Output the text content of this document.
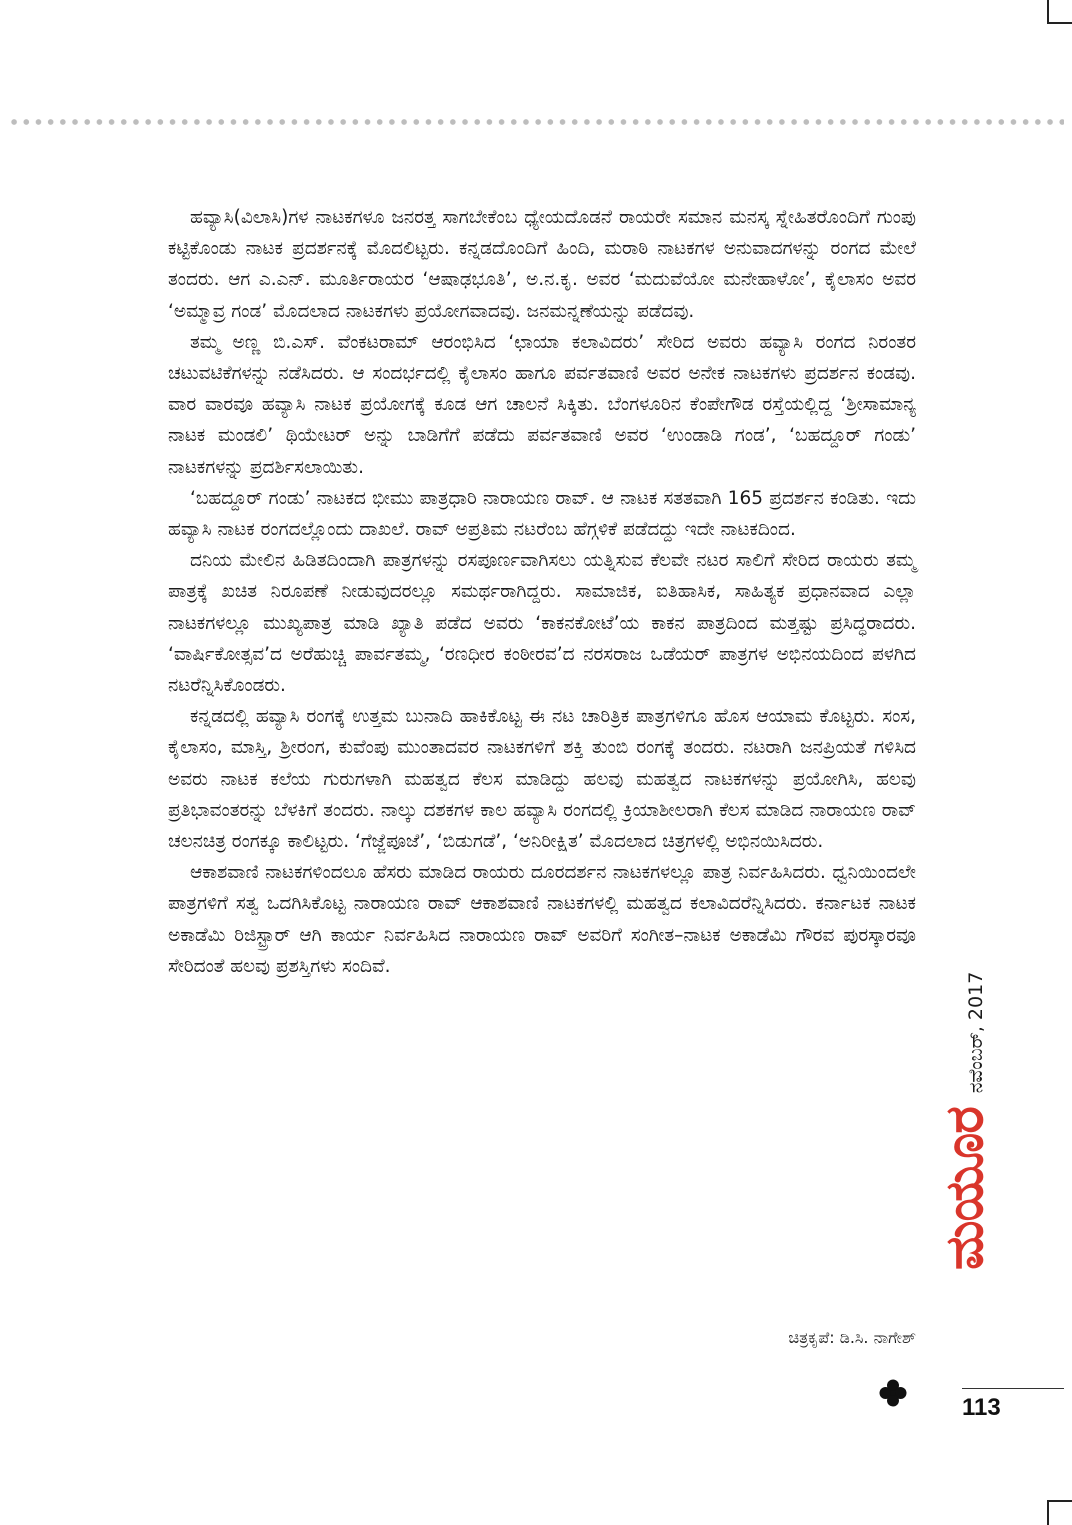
ಹವ್ಯಾಸಿ(ವಿಲಾಸಿ)ಗಳ ನಾಟಕಗಳೂ ಜನರತ್ತ ಸಾಗಬೇಕೆಂಬ ಧ್ಯೇಯದೊಡನೆ ರಾಯರೇ ಸಮಾನ ಮನಸ್ಕ ಸ್ನೇಹಿತರೊಂದಿಗೆ ಗುಂಪು ಕಟ್ಟಿಕೊಂಡು ನಾಟಕ ಪ್ರದರ್ಶನಕ್ಕೆ ಮೊದಲಿಟ್ಟರು. ಕನ್ನಡದೊಂದಿಗೆ ಹಿಂದಿ, ಮರಾಠಿ ನಾಟಕಗಳ ಅನುವಾದಗಳನ್ನು ರಂಗದ ಮೇಲೆ ತಂದರು. ಆಗ ಎ.ಎನ್. ಮೂರ್ತಿರಾಯರ ‘ಆಷಾಢಭೂತಿ’, ಅ.ನ.ಕೃ. ಅವರ ‘ಮದುವೆಯೋ ಮನೇಹಾಳೋ’, ಕೈಲಾಸಂ ಅವರ ‘ಅಮ್ಮಾವ್ರ ಗಂಡ’ ಮೊದಲಾದ ನಾಟಕಗಳು ಪ್ರಯೋಗವಾದವು. ಜನಮನ್ನಣೆಯನ್ನು ಪಡೆದವು.

ತಮ್ಮ ಅಣ್ಣ ಬಿ.ಎಸ್. ವೆಂಕಟರಾಮ್ ಆರಂಭಿಸಿದ ‘ಛಾಯಾ ಕಲಾವಿದರು’ ಸೇರಿದ ಅವರು ಹವ್ಯಾಸಿ ರಂಗದ ನಿರಂತರ ಚಟುವಟಿಕೆಗಳನ್ನು ನಡೆಸಿದರು. ಆ ಸಂದರ್ಭದಲ್ಲಿ ಕೈಲಾಸಂ ಹಾಗೂ ಪರ್ವತವಾಣಿ ಅವರ ಅನೇಕ ನಾಟಕಗಳು ಪ್ರದರ್ಶನ ಕಂಡವು. ವಾರ ವಾರವೂ ಹವ್ಯಾಸಿ ನಾಟಕ ಪ್ರಯೋಗಕ್ಕೆ ಕೂಡ ಆಗ ಚಾಲನೆ ಸಿಕ್ಕಿತು. ಬೆಂಗಳೂರಿನ ಕೆಂಪೇಗೌಡ ರಸ್ತೆಯಲ್ಲಿದ್ದ ‘ಶ್ರೀಸಾಮಾನ್ಯ ನಾಟಕ ಮಂಡಲಿ’ ಥಿಯೇಟರ್ ಅನ್ನು ಬಾಡಿಗೆಗೆ ಪಡೆದು ಪರ್ವತವಾಣಿ ಅವರ ‘ಉಂಡಾಡಿ ಗಂಡ’, ‘ಬಹದ್ದೂರ್ ಗಂಡು’ ನಾಟಕಗಳನ್ನು ಪ್ರದರ್ಶಿಸಲಾಯಿತು.

‘ಬಹದ್ದೂರ್ ಗಂಡು’ ನಾಟಕದ ಭೀಮು ಪಾತ್ರಧಾರಿ ನಾರಾಯಣ ರಾವ್. ಆ ನಾಟಕ ಸತತವಾಗಿ 165 ಪ್ರದರ್ಶನ ಕಂಡಿತು. ಇದು ಹವ್ಯಾಸಿ ನಾಟಕ ರಂಗದಲ್ಲೊಂದು ದಾಖಲೆ. ರಾವ್ ಅಪ್ರತಿಮ ನಟರೆಂಬ ಹೆಗ್ಗಳಿಕೆ ಪಡೆದದ್ದು ಇದೇ ನಾಟಕದಿಂದ.

ದನಿಯ ಮೇಲಿನ ಹಿಡಿತದಿಂದಾಗಿ ಪಾತ್ರಗಳನ್ನು ರಸಪೂರ್ಣವಾಗಿಸಲು ಯತ್ನಿಸುವ ಕೆಲವೇ ನಟರ ಸಾಲಿಗೆ ಸೇರಿದ ರಾಯರು ತಮ್ಮ ಪಾತ್ರಕ್ಕೆ ಖಚಿತ ನಿರೂಪಣೆ ನೀಡುವುದರಲ್ಲೂ ಸಮರ್ಥರಾಗಿದ್ದರು. ಸಾಮಾಜಿಕ, ಐತಿಹಾಸಿಕ, ಸಾಹಿತ್ಯಕ ಪ್ರಧಾನವಾದ ಎಲ್ಲಾ ನಾಟಕಗಳಲ್ಲೂ ಮುಖ್ಯಪಾತ್ರ ಮಾಡಿ ಖ್ಯಾತಿ ಪಡೆದ ಅವರು ‘ಕಾಕನಕೋಟೆ’ಯ ಕಾಕನ ಪಾತ್ರದಿಂದ ಮತ್ತಷ್ಟು ಪ್ರಸಿದ್ಧರಾದರು. ‘ವಾರ್ಷಿಕೋತ್ಸವ’ದ ಅರೆಹುಚ್ಚಿ ಪಾರ್ವತಮ್ಮ, ‘ರಣಧೀರ ಕಂಠೀರವ’ದ ನರಸರಾಜ ಒಡೆಯರ್ ಪಾತ್ರಗಳ ಅಭಿನಯದಿಂದ ಪಳಗಿದ ನಟರೆನ್ನಿಸಿಕೊಂಡರು.

ಕನ್ನಡದಲ್ಲಿ ಹವ್ಯಾಸಿ ರಂಗಕ್ಕೆ ಉತ್ತಮ ಬುನಾದಿ ಹಾಕಿಕೊಟ್ಟ ಈ ನಟ ಚಾರಿತ್ರಿಕ ಪಾತ್ರಗಳಿಗೂ ಹೊಸ ಆಯಾಮ ಕೊಟ್ಟರು. ಸಂಸ, ಕೈಲಾಸಂ, ಮಾಸ್ತಿ, ಶ್ರೀರಂಗ, ಕುವೆಂಪು ಮುಂತಾದವರ ನಾಟಕಗಳಿಗೆ ಶಕ್ತಿ ತುಂಬಿ ರಂಗಕ್ಕೆ ತಂದರು. ನಟರಾಗಿ ಜನಪ್ರಿಯತೆ ಗಳಿಸಿದ ಅವರು ನಾಟಕ ಕಲೆಯ ಗುರುಗಳಾಗಿ ಮಹತ್ವದ ಕೆಲಸ ಮಾಡಿದ್ದು ಹಲವು ಮಹತ್ವದ ನಾಟಕಗಳನ್ನು ಪ್ರಯೋಗಿಸಿ, ಹಲವು ಪ್ರತಿಭಾವಂತರನ್ನು ಬೆಳಕಿಗೆ ತಂದರು. ನಾಲ್ಕು ದಶಕಗಳ ಕಾಲ ಹವ್ಯಾಸಿ ರಂಗದಲ್ಲಿ ಕ್ರಿಯಾಶೀಲರಾಗಿ ಕೆಲಸ ಮಾಡಿದ ನಾರಾಯಣ ರಾವ್ ಚಲನಚಿತ್ರ ರಂಗಕ್ಕೂ ಕಾಲಿಟ್ಟರು. ‘ಗೆಜ್ಜೆಪೂಜೆ’, ‘ಬಿಡುಗಡೆ’, ‘ಅನಿರೀಕ್ಷಿತ’ ಮೊದಲಾದ ಚಿತ್ರಗಳಲ್ಲಿ ಅಭಿನಯಿಸಿದರು.

ಆಕಾಶವಾಣಿ ನಾಟಕಗಳಿಂದಲೂ ಹೆಸರು ಮಾಡಿದ ರಾಯರು ದೂರದರ್ಶನ ನಾಟಕಗಳಲ್ಲೂ ಪಾತ್ರ ನಿರ್ವಹಿಸಿದರು. ಧ್ವನಿಯಿಂದಲೇ ಪಾತ್ರಗಳಿಗೆ ಸತ್ವ ಒದಗಿಸಿಕೊಟ್ಟ ನಾರಾಯಣ ರಾವ್ ಆಕಾಶವಾಣಿ ನಾಟಕಗಳಲ್ಲಿ ಮಹತ್ವದ ಕಲಾವಿದರೆನ್ನಿಸಿದರು. ಕರ್ನಾಟಕ ನಾಟಕ ಅಕಾಡೆಮಿ ರಿಜಿಸ್ಟ್ರಾರ್ ಆಗಿ ಕಾರ್ಯ ನಿರ್ವಹಿಸಿದ ನಾರಾಯಣ ರಾವ್ ಅವರಿಗೆ ಸಂಗೀತ–ನಾಟಕ ಅಕಾಡೆಮಿ ಗೌರವ ಪುರಸ್ಕಾರವೂ ಸೇರಿದಂತೆ ಹಲವು ಪ್ರಶಸ್ತಿಗಳು ಸಂದಿವೆ.

ಚಿತ್ರಕೃಪೆ: ಡಿ.ಸಿ. ನಾಗೇಶ್
ಮಯೂರ
ನವೆಂಬರ್, 2017
113
